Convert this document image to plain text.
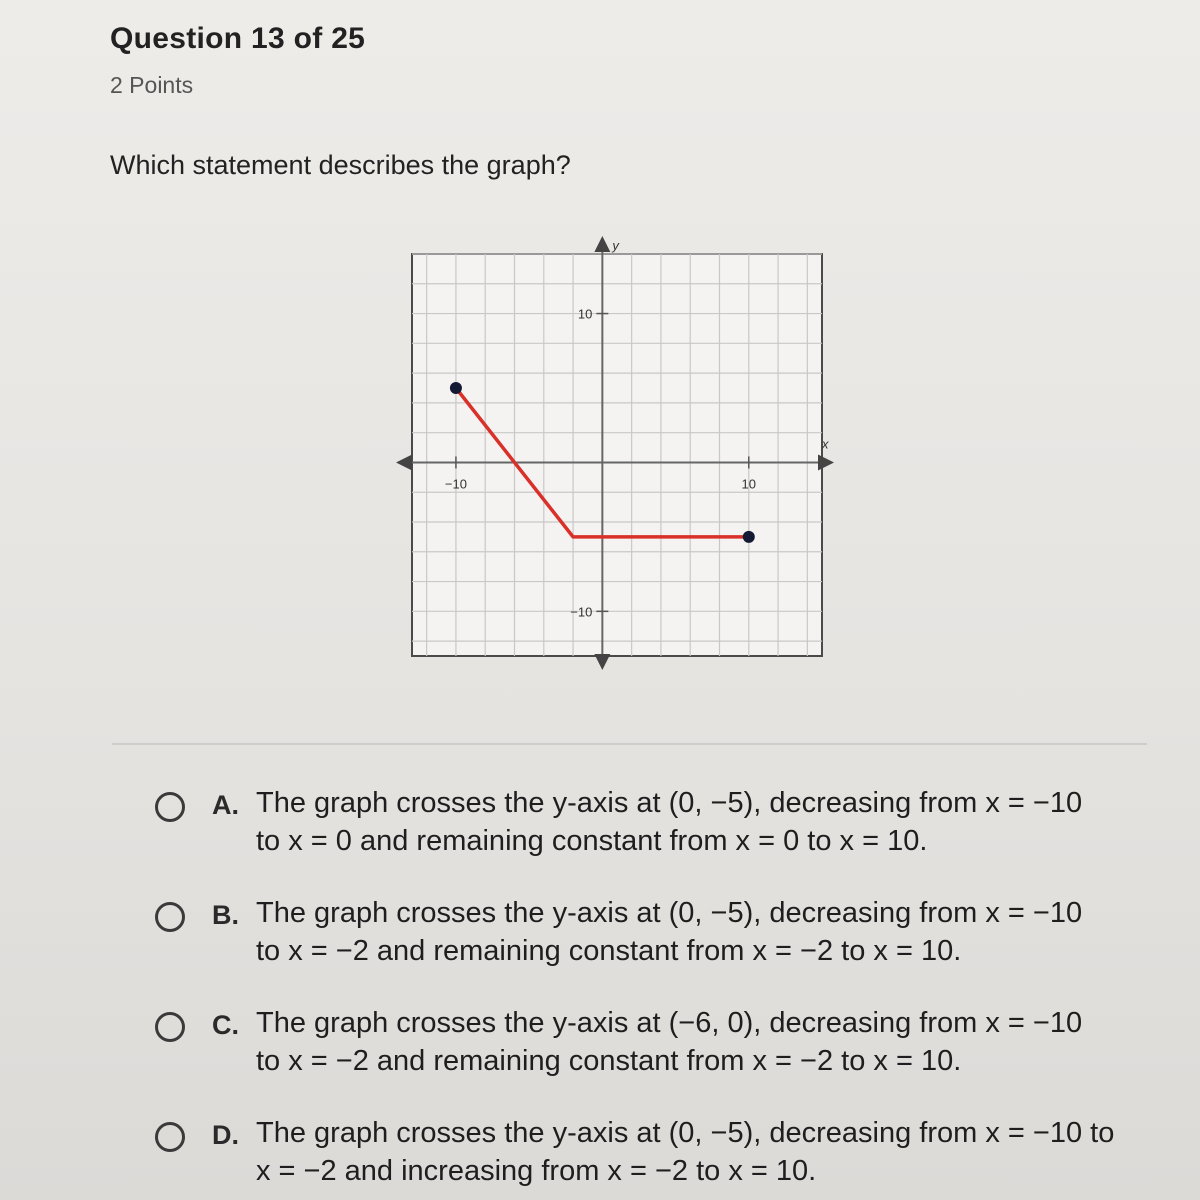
Question 13 of 25
2 Points
Which statement describes the graph?
x
y
−10	10
10
−10
A. The graph crosses the y-axis at (0, −5), decreasing from x = −10
to x = 0 and remaining constant from x = 0 to x = 10.
B. The graph crosses the y-axis at (0, −5), decreasing from x = −10
to x = −2 and remaining constant from x = −2 to x = 10.
C. The graph crosses the y-axis at (−6, 0), decreasing from x = −10
to x = −2 and remaining constant from x = −2 to x = 10.
D. The graph crosses the y-axis at (0, −5), decreasing from x = −10 to
x = −2 and increasing from x = −2 to x = 10.
